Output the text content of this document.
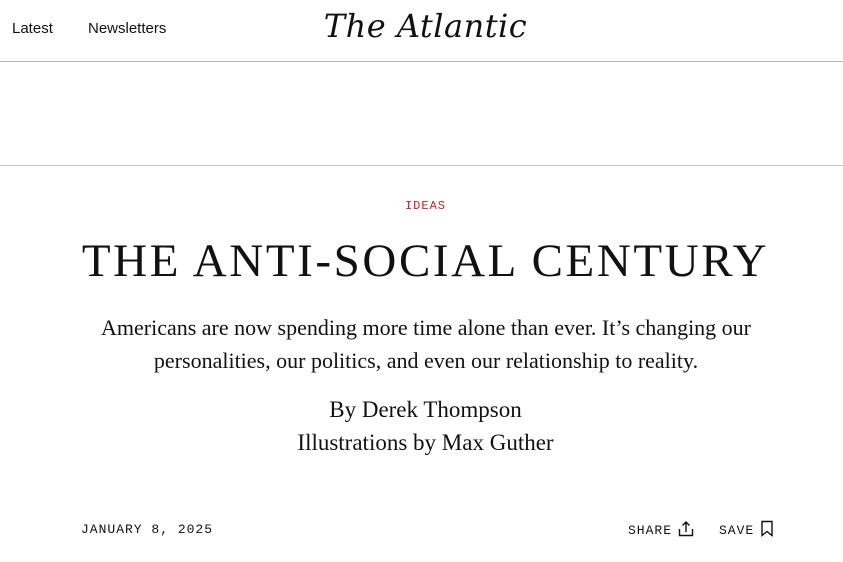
Latest Newsletters	The Atlantic
IDEAS
THE ANTI-SOCIAL CENTURY

Americans are now spending more time alone than ever. It’s changing our personalities, our politics, and even our relationship to reality.

By Derek Thompson
Illustrations by Max Guther
JANUARY 8, 2025	SHARE	SAVE
